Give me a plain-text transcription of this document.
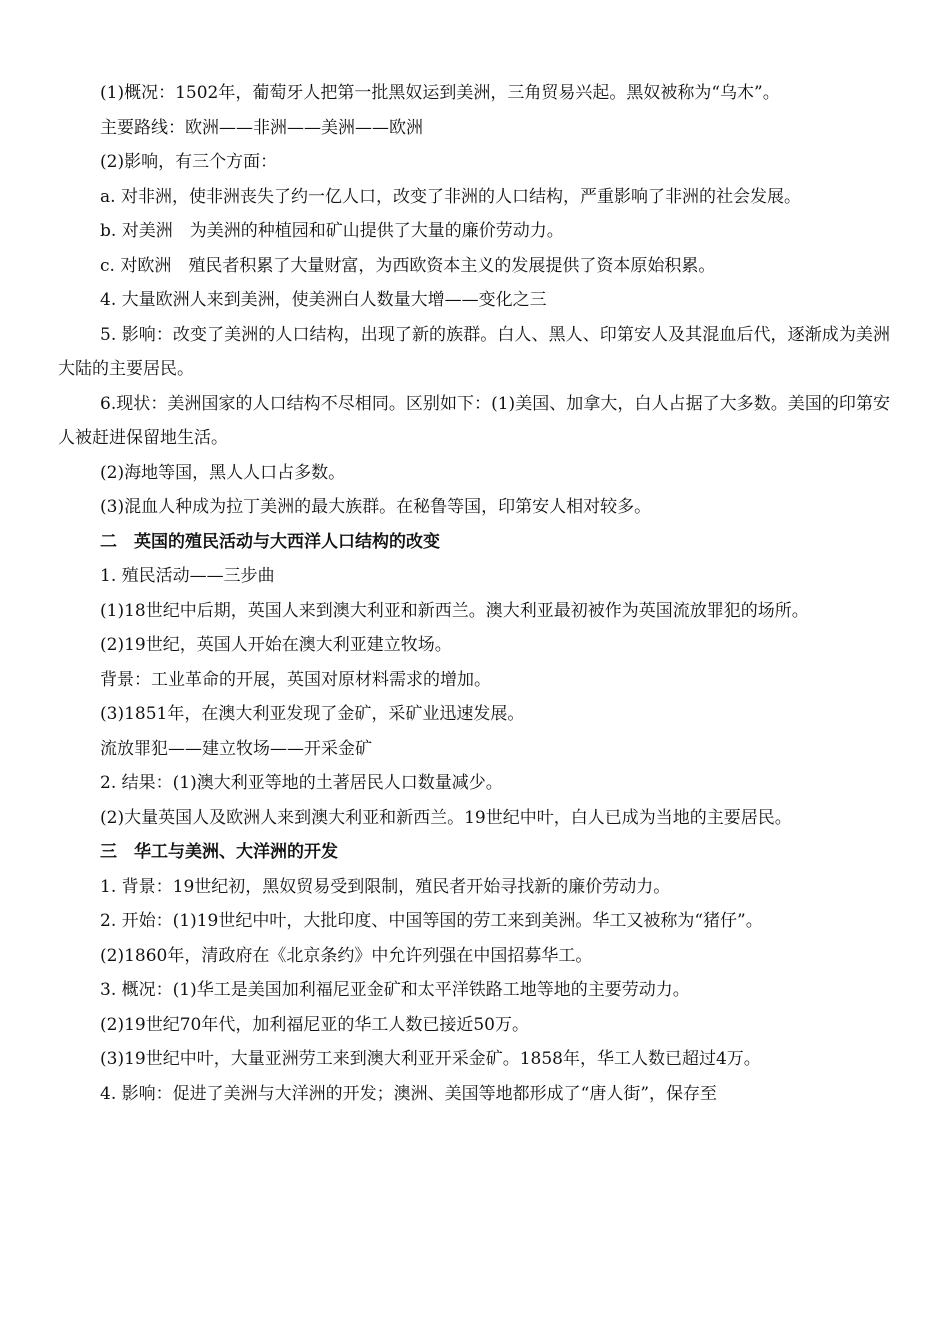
(1)概况：1502年，葡萄牙人把第一批黑奴运到美洲，三角贸易兴起。黑奴被称为“乌木”。

主要路线：欧洲——非洲——美洲——欧洲

(2)影响，有三个方面：

a. 对非洲，使非洲丧失了约一亿人口，改变了非洲的人口结构，严重影响了非洲的社会发展。

b. 对美洲　为美洲的种植园和矿山提供了大量的廉价劳动力。

c. 对欧洲　殖民者积累了大量财富，为西欧资本主义的发展提供了资本原始积累。

4. 大量欧洲人来到美洲，使美洲白人数量大增——变化之三

5. 影响：改变了美洲的人口结构，出现了新的族群。白人、黑人、印第安人及其混血后代，逐渐成为美洲大陆的主要居民。

6.现状：美洲国家的人口结构不尽相同。区别如下：(1)美国、加拿大，白人占据了大多数。美国的印第安人被赶进保留地生活。

(2)海地等国，黑人人口占多数。

(3)混血人种成为拉丁美洲的最大族群。在秘鲁等国，印第安人相对较多。

二　英国的殖民活动与大西洋人口结构的改变

1. 殖民活动——三步曲

(1)18世纪中后期，英国人来到澳大利亚和新西兰。澳大利亚最初被作为英国流放罪犯的场所。

(2)19世纪，英国人开始在澳大利亚建立牧场。

背景：工业革命的开展，英国对原材料需求的增加。

(3)1851年，在澳大利亚发现了金矿，采矿业迅速发展。

流放罪犯——建立牧场——开采金矿

2. 结果：(1)澳大利亚等地的土著居民人口数量减少。

(2)大量英国人及欧洲人来到澳大利亚和新西兰。19世纪中叶，白人已成为当地的主要居民。

三　华工与美洲、大洋洲的开发

1. 背景：19世纪初，黑奴贸易受到限制，殖民者开始寻找新的廉价劳动力。

2. 开始：(1)19世纪中叶，大批印度、中国等国的劳工来到美洲。华工又被称为“猪仔”。

(2)1860年，清政府在《北京条约》中允许列强在中国招募华工。

3. 概况：(1)华工是美国加利福尼亚金矿和太平洋铁路工地等地的主要劳动力。

(2)19世纪70年代，加利福尼亚的华工人数已接近50万。

(3)19世纪中叶，大量亚洲劳工来到澳大利亚开采金矿。1858年，华工人数已超过4万。

4. 影响：促进了美洲与大洋洲的开发；澳洲、美国等地都形成了“唐人街”，保存至
